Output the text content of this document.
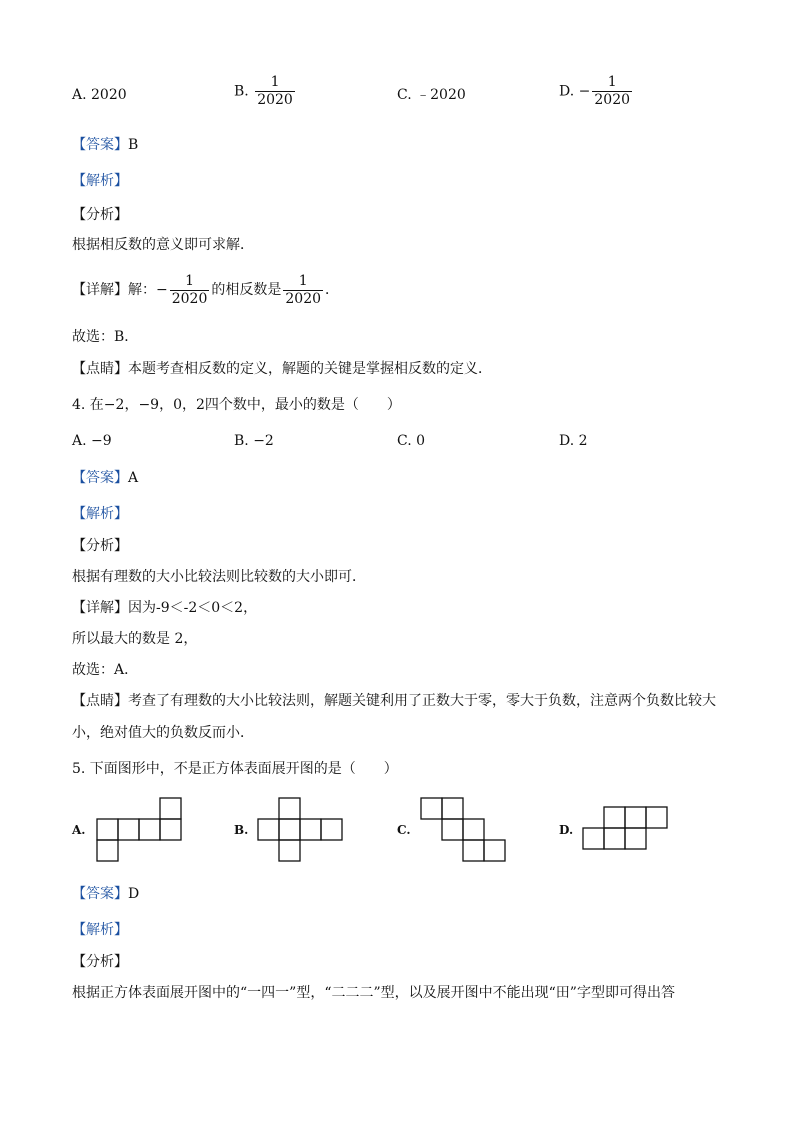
A. 2020	B. $\frac{1}{2020}$	C. ﹣2020	D. − $\frac{1}{2020}$
【答案】B
【解析】
【分析】
根据相反数的意义即可求解．
【详解】解：− $\frac{1}{2020}$ 的相反数是 $\frac{1}{2020}$ ．
故选：B．
【点睛】本题考查相反数的定义，解题的关键是掌握相反数的定义．
4. 在−2，−9，0，2四个数中，最小的数是（　　）
A. −9	B. −2	C. 0	D. 2
【答案】A
【解析】
【分析】
根据有理数的大小比较法则比较数的大小即可．
【详解】因为-9＜-2＜0＜2，
所以最大的数是 2，
故选：A．
【点睛】考查了有理数的大小比较法则，解题关键利用了正数大于零，零大于负数，注意两个负数比较大
小，绝对值大的负数反而小．
5. 下面图形中，不是正方体表面展开图的是（　　）
A.	B.	C.	D.
【答案】D
【解析】
【分析】
根据正方体表面展开图中的“一四一”型，“二二二”型，以及展开图中不能出现“田”字型即可得出答
